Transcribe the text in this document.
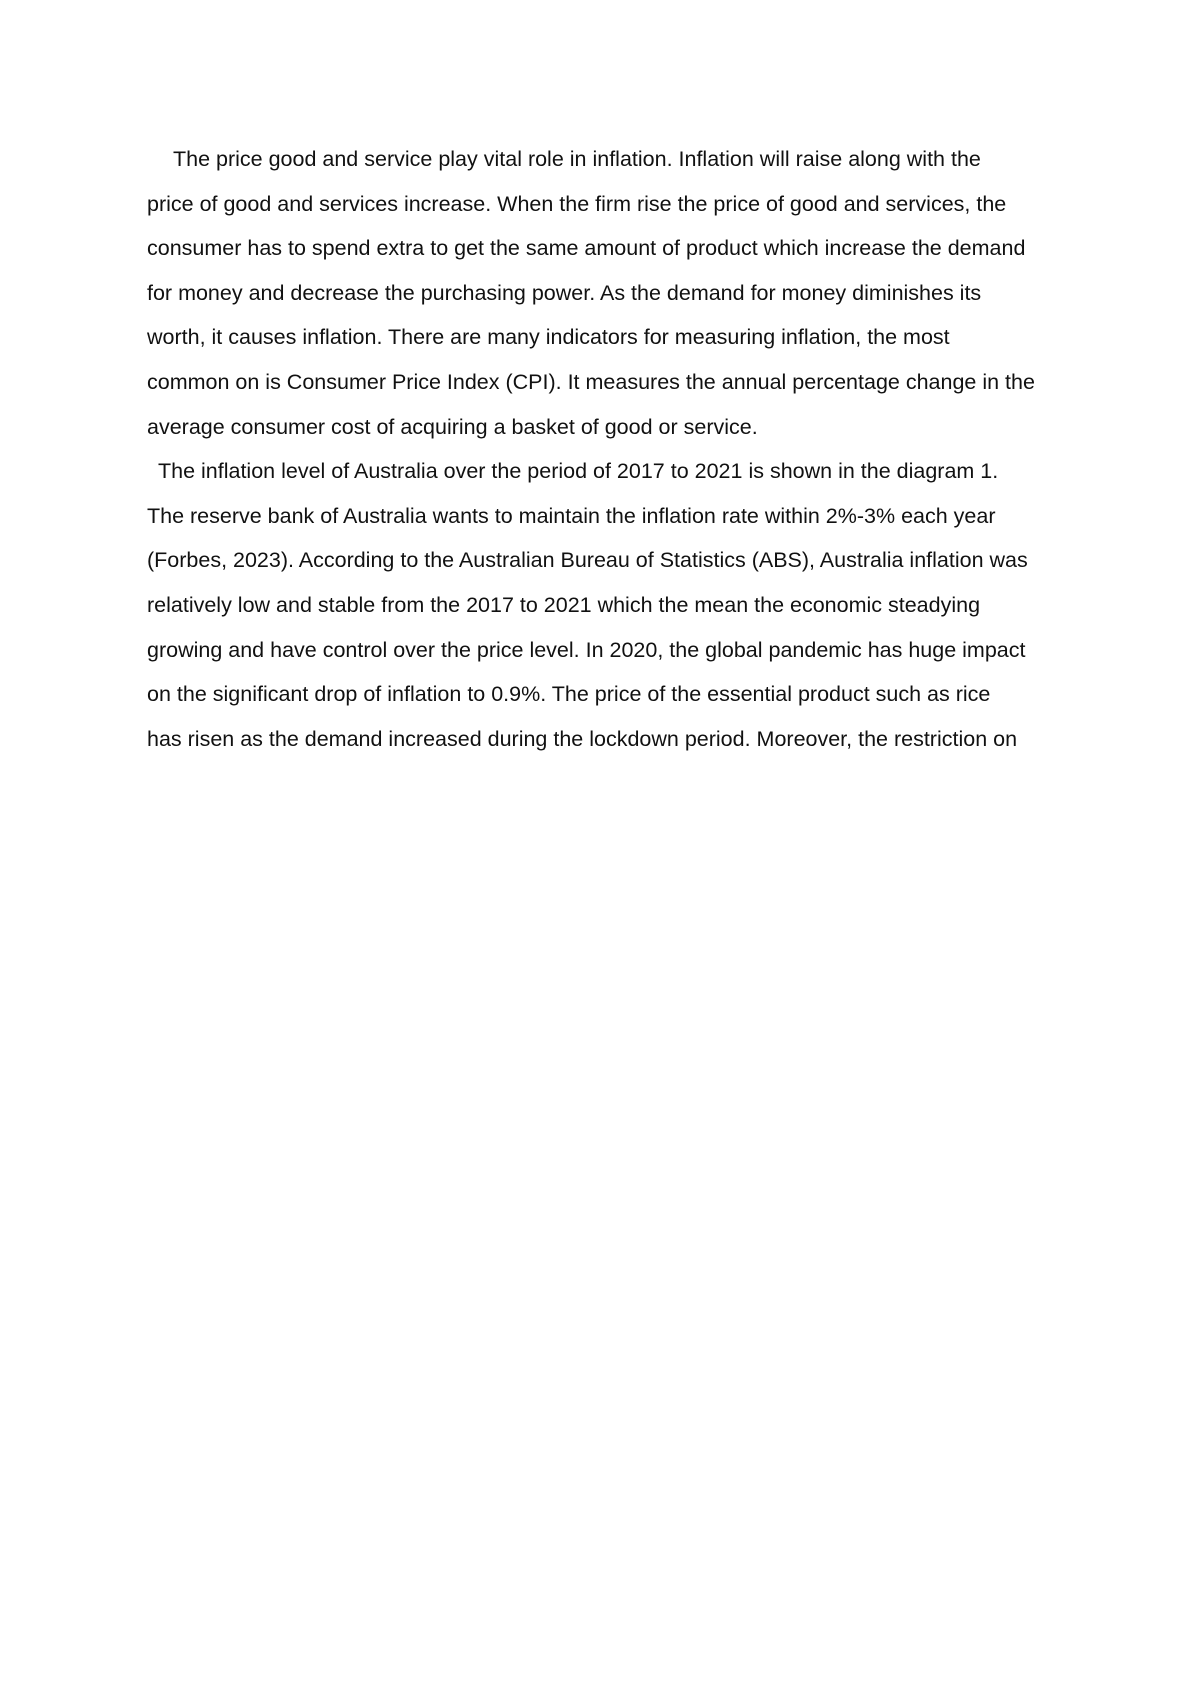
The price good and service play vital role in inflation. Inflation will raise along with the
price of good and services increase. When the firm rise the price of good and services, the
consumer has to spend extra to get the same amount of product which increase the demand
for money and decrease the purchasing power. As the demand for money diminishes its
worth, it causes inflation. There are many indicators for measuring inflation, the most
common on is Consumer Price Index (CPI). It measures the annual percentage change in the
average consumer cost of acquiring a basket of good or service.
The inflation level of Australia over the period of 2017 to 2021 is shown in the diagram 1.
The reserve bank of Australia wants to maintain the inflation rate within 2%-3% each year
(Forbes, 2023). According to the Australian Bureau of Statistics (ABS), Australia inflation was
relatively low and stable from the 2017 to 2021 which the mean the economic steadying
growing and have control over the price level. In 2020, the global pandemic has huge impact
on the significant drop of inflation to 0.9%. The price of the essential product such as rice
has risen as the demand increased during the lockdown period. Moreover, the restriction on
